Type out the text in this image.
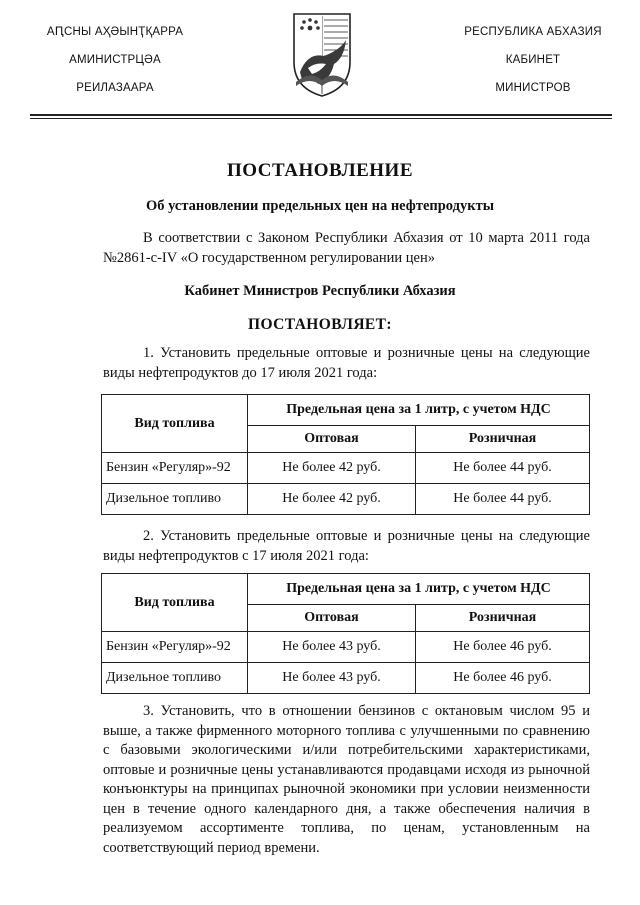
АԤСНЫ АҲӘЫНҬҚАРРА
АМИНИСТРЦӘА
РЕИЛАЗААРА
РЕСПУБЛИКА АБХАЗИЯ
КАБИНЕТ
МИНИСТРОВ
ПОСТАНОВЛЕНИЕ
Об установлении предельных цен на нефтепродукты

В соответствии с Законом Республики Абхазия от 10 марта 2011 года №2861-с-IV «О государственном регулировании цен»

Кабинет Министров Республики Абхазия
ПОСТАНОВЛЯЕТ:

1. Установить предельные оптовые и розничные цены на следующие виды нефтепродуктов до 17 июля 2021 года:

Вид топлива	Предельная цена за 1 литр, с учетом НДС	
	Оптовая	Розничная
Бензин «Регуляр»-92	Не более 42 руб.	Не более 44 руб.
Дизельное топливо	Не более 42 руб.	Не более 44 руб.

2. Установить предельные оптовые и розничные цены на следующие виды нефтепродуктов с 17 июля 2021 года:

Вид топлива	Предельная цена за 1 литр, с учетом НДС	
	Оптовая	Розничная
Бензин «Регуляр»-92	Не более 43 руб.	Не более 46 руб.
Дизельное топливо	Не более 43 руб.	Не более 46 руб.

3. Установить, что в отношении бензинов с октановым числом 95 и выше, а также фирменного моторного топлива с улучшенными по сравнению с базовыми экологическими и/или потребительскими характеристиками, оптовые и розничные цены устанавливаются продавцами исходя из рыночной конъюнктуры на принципах рыночной экономики при условии неизменности цен в течение одного календарного дня, а также обеспечения наличия в реализуемом ассортименте топлива, по ценам, установленным на соответствующий период времени.
